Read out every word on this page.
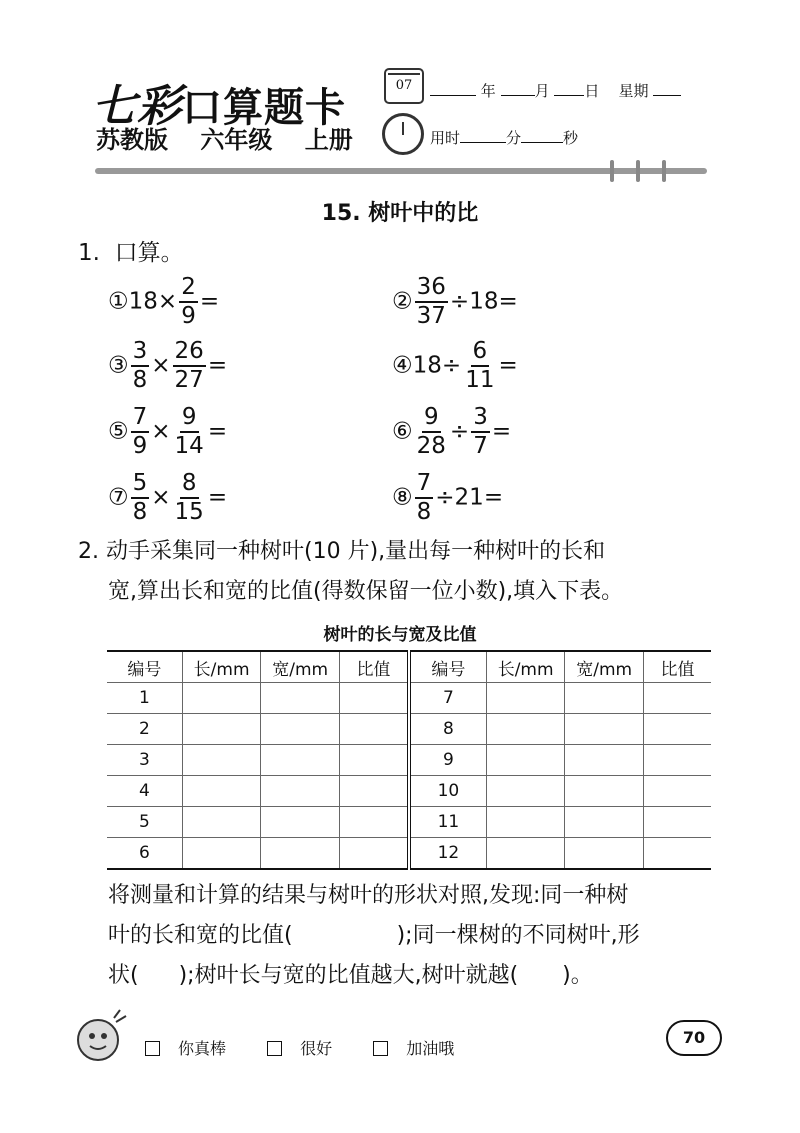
七彩口算题卡
苏教版 六年级 上册
07	年	月 日 星期
用时	分	秒
15. 树叶中的比
1. 口算。
①18× $\frac{2}{9}$ =	② $\frac{36}{37} \div 18=$
③ $\frac{3}{8} \times \frac{26}{27}$ =	④18÷ $\frac{6}{11}$ =
⑤ $\frac{7}{9} \times \frac{9}{14}$ =	⑥ $\frac{9}{28} \div \frac{3}{7}$ =
⑦ $\frac{5}{8} \times \frac{8}{15}$ =	⑧ $\frac{7}{8} \div 21=$
2. 动手采集同一种树叶(10 片),量出每一种树叶的长和
宽,算出长和宽的比值(得数保留一位小数),填入下表。
树叶的长与宽及比值
编号	长/mm	宽/mm	比值	编号	长/mm	宽/mm	比值
1				7			
2				8			
3				9			
4				10			
5				11			
6				12			
将测量和计算的结果与树叶的形状对照,发现:同一种树
叶的长和宽的比值(	);同一棵树的不同树叶,形
状( );树叶长与宽的比值越大,树叶就越( )。
你真棒	很好	加油哦
70
